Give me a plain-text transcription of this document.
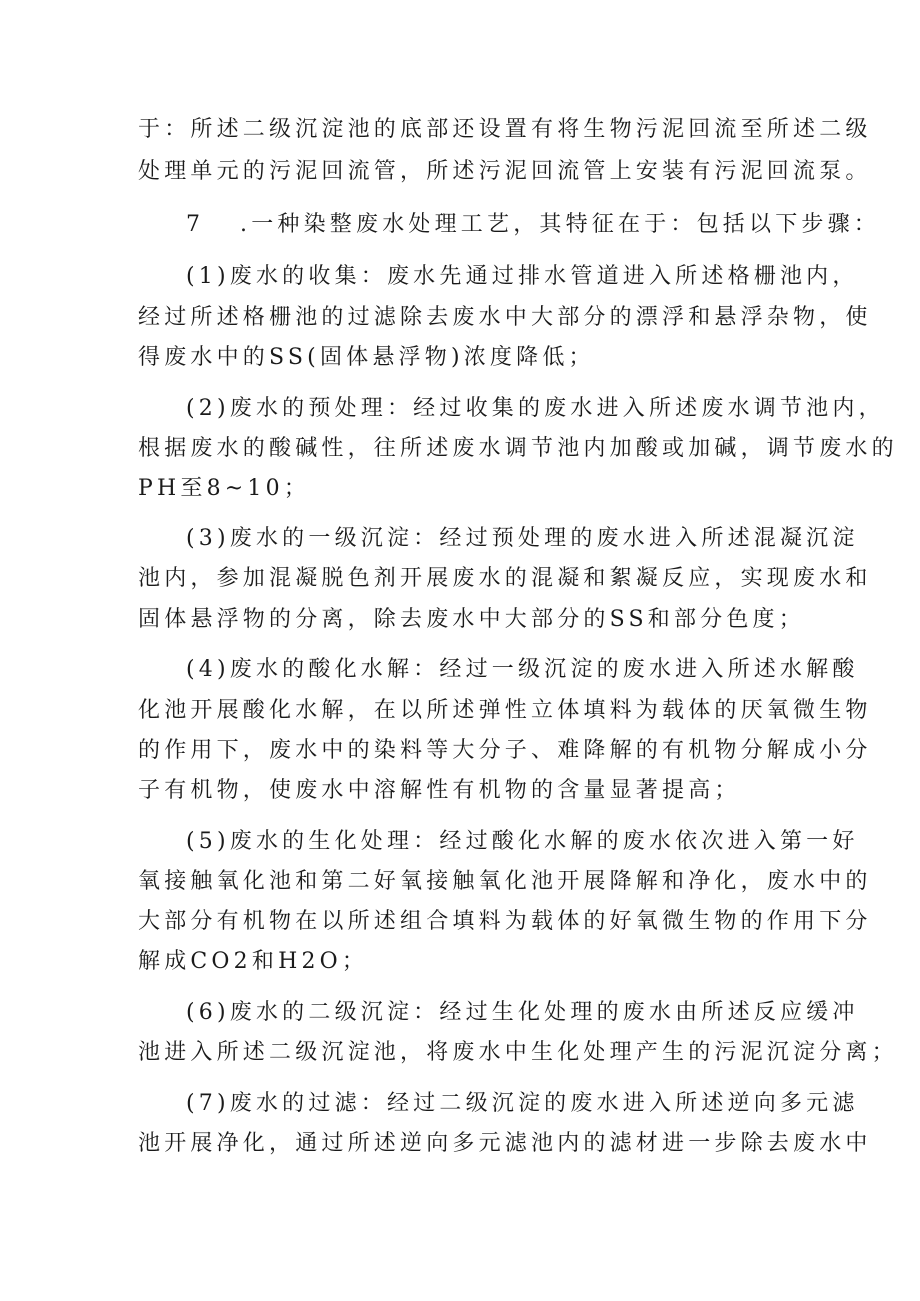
于：所述二级沉淀池的底部还设置有将生物污泥回流至所述二级
处理单元的污泥回流管，所述污泥回流管上安装有污泥回流泵。
7 .一种染整废水处理工艺，其特征在于：包括以下步骤：
(1)废水的收集：废水先通过排水管道进入所述格栅池内，
经过所述格栅池的过滤除去废水中大部分的漂浮和悬浮杂物，使
得废水中的SS(固体悬浮物)浓度降低；
(2)废水的预处理：经过收集的废水进入所述废水调节池内，
根据废水的酸碱性，往所述废水调节池内加酸或加碱，调节废水的
PH至8~10；
(3)废水的一级沉淀：经过预处理的废水进入所述混凝沉淀
池内，参加混凝脱色剂开展废水的混凝和絮凝反应，实现废水和
固体悬浮物的分离，除去废水中大部分的SS和部分色度；
(4)废水的酸化水解：经过一级沉淀的废水进入所述水解酸
化池开展酸化水解，在以所述弹性立体填料为载体的厌氧微生物
的作用下，废水中的染料等大分子、难降解的有机物分解成小分
子有机物，使废水中溶解性有机物的含量显著提高；
(5)废水的生化处理：经过酸化水解的废水依次进入第一好
氧接触氧化池和第二好氧接触氧化池开展降解和净化，废水中的
大部分有机物在以所述组合填料为载体的好氧微生物的作用下分
解成CO2和H2O；
(6)废水的二级沉淀：经过生化处理的废水由所述反应缓冲
池进入所述二级沉淀池，将废水中生化处理产生的污泥沉淀分离；
(7)废水的过滤：经过二级沉淀的废水进入所述逆向多元滤
池开展净化，通过所述逆向多元滤池内的滤材进一步除去废水中
